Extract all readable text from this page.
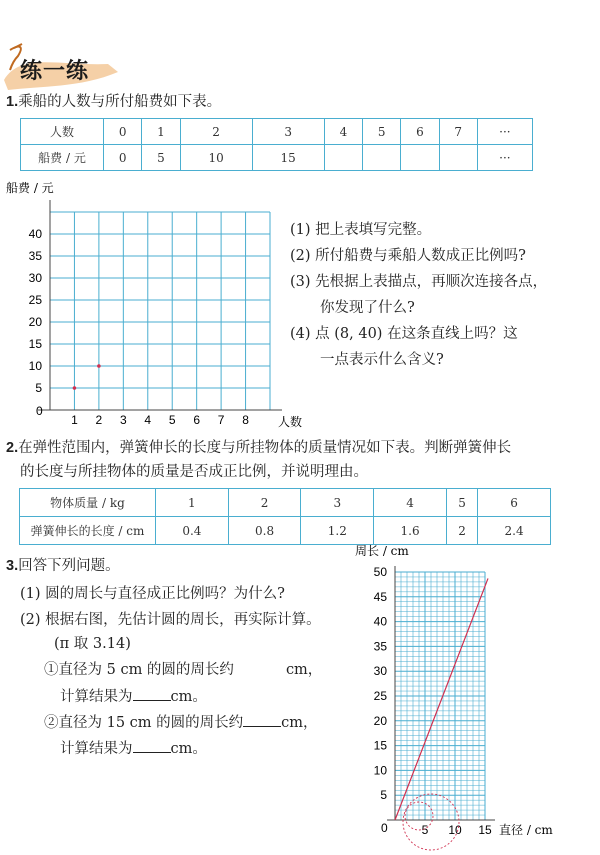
练一练
1.乘船的人数与所付船费如下表。
人数	0	1	2	3	4	5	6	7	···
船费 / 元	0	5	10	15					···
0
1 2 3 4 5 6 7 8
5
10
15
20
25
30
35
40
船费 / 元
人数
(1) 把上表填写完整。
(2) 所付船费与乘船人数成正比例吗?
(3) 先根据上表描点，再顺次连接各点，
你发现了什么?
(4) 点 (8, 40) 在这条直线上吗？这
一点表示什么含义?
2.在弹性范围内，弹簧伸长的长度与所挂物体的质量情况如下表。判断弹簧伸长
的长度与所挂物体的质量是否成正比例，并说明理由。
物体质量 / kg	1	2	3	4	5	6
弹簧伸长的长度 / cm	0.4	0.8	1.2	1.6	2	2.4
3.回答下列问题。
(1) 圆的周长与直径成正比例吗？为什么?
(2) 根据右图，先估计圆的周长，再实际计算。
(π 取 3.14)
①直径为 5 cm 的圆的周长约	cm，
计算结果为	cm。
②直径为 15 cm 的圆的周长约	cm，
计算结果为	cm。
0	5 10 15
5
10
15
20
25
30
35
40
45
50
周长 / cm
直径 / cm
